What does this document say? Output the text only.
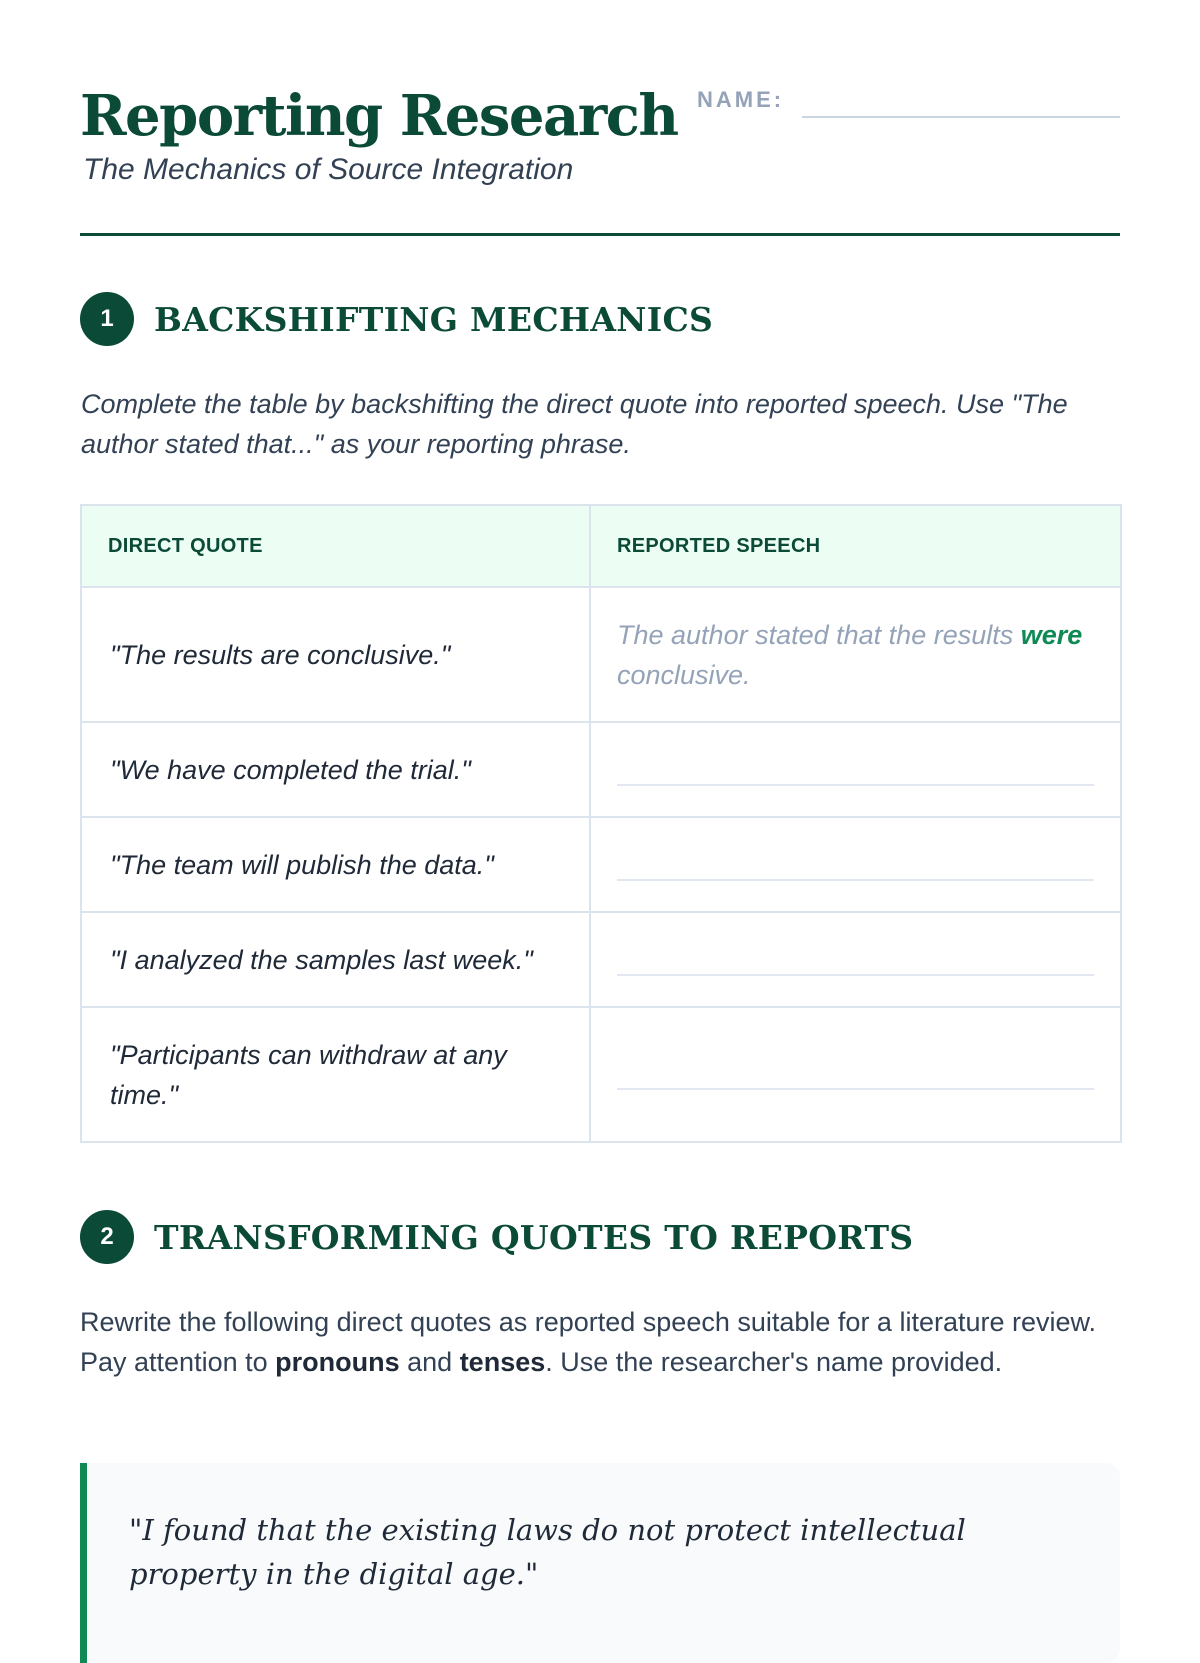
Reporting Research
The Mechanics of Source Integration
NAME:
1	BACKSHIFTING MECHANICS
Complete the table by backshifting the direct quote into reported speech. Use "The author stated that..." as your reporting phrase.
DIRECT QUOTE	REPORTED SPEECH
"The results are conclusive."	The author stated that the results were conclusive.
"We have completed the trial."	

"The team will publish the data."	

"I analyzed the samples last week."	

"Participants can withdraw at any time."	
2	TRANSFORMING QUOTES TO REPORTS
Rewrite the following direct quotes as reported speech suitable for a literature review. Pay attention to pronouns and tenses. Use the researcher's name provided.
"I found that the existing laws do not protect intellectual property in the digital age."
